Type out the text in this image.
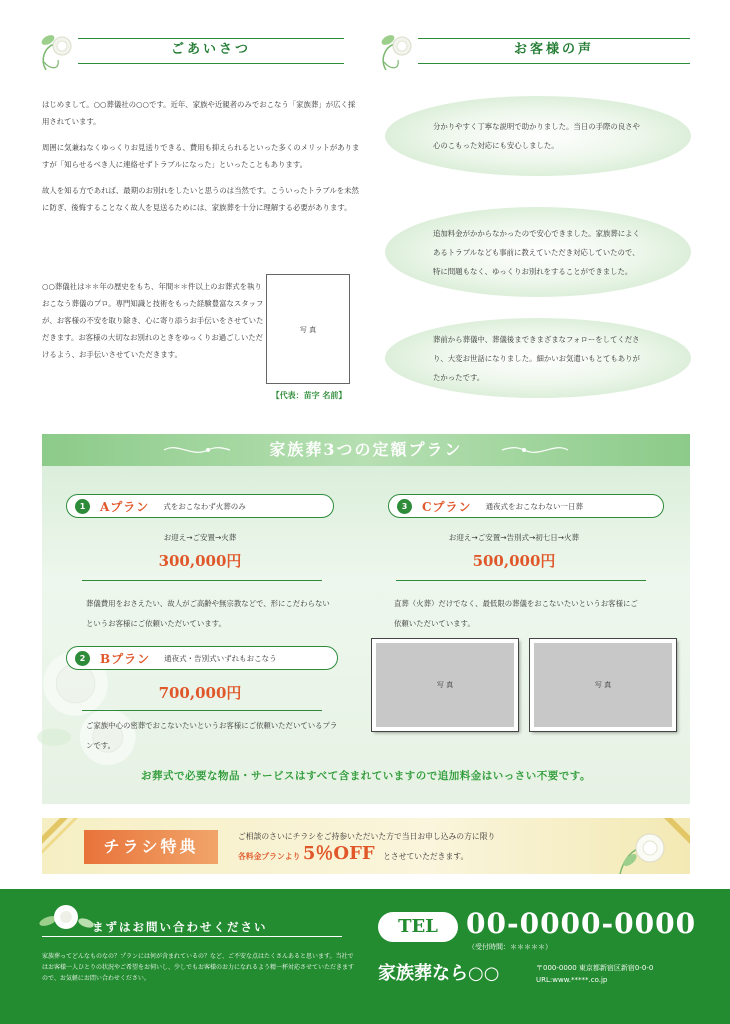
ごあいさつ

はじめまして。○○葬儀社の○○です。近年、家族や近親者のみでおこなう「家族葬」が広く採用されています。

周囲に気兼ねなくゆっくりお見送りできる、費用も抑えられるといった多くのメリットがありますが「知らせるべき人に連絡せずトラブルになった」といったこともあります。

故人を知る方であれば、最期のお別れをしたいと思うのは当然です。こういったトラブルを未然に防ぎ、後悔することなく故人を見送るためには、家族葬を十分に理解する必要があります。

○○葬儀社は＊＊年の歴史をもち、年間＊＊件以上のお葬式を執りおこなう葬儀のプロ。専門知識と技術をもった経験豊富なスタッフが、お客様の不安を取り除き、心に寄り添うお手伝いをさせていただきます。お客様の大切なお別れのときをゆっくりお過ごしいただけるよう、お手伝いさせていただきます。
写 真
【代表：苗字 名前】
お客様の声
分かりやすく丁寧な説明で助かりました。当日の手際の良さや心のこもった対応にも安心しました。
追加料金がかからなかったので安心できました。家族葬によくあるトラブルなども事前に教えていただき対応していたので、特に問題もなく、ゆっくりお別れをすることができました。
葬前から葬儀中、葬儀後まできまざまなフォローをしてくださり、大変お世話になりました。細かいお気遣いもとてもありがたかったです。
家族葬3つの定額プラン
1	Aプラン 式をおこなわず火葬のみ
お迎え→ご安置→火葬
300,000円
葬儀費用をおさえたい、故人がご高齢や無宗教などで、形にこだわらないというお客様にご依頼いただいています。
2	Bプラン 通夜式・告別式いずれもおこなう
700,000円
ご家族中心の密葬でおこないたいというお客様にご依頼いただいているプランです。
3	Cプラン 通夜式をおこなわない一日葬
お迎え→ご安置→告別式→初七日→火葬
500,000円
直葬（火葬）だけでなく、最低限の葬儀をおこないたいというお客様にご依頼いただいています。
写 真	写 真
お葬式で必要な物品・サービスはすべて含まれていますので追加料金はいっさい不要です。
チラシ特典
ご相談のさいにチラシをご持参いただいた方で当日お申し込みの方に限り
各料金プランより 5％OFF とさせていただきます。
まずはお問い合わせください
家族葬ってどんなものなの？プランには何が含まれているの？など、ご不安な点はたくさんあると思います。当社ではお客様一人ひとりの状況やご希望をお伺いし、少しでもお客様のお力になれるよう精一杯対応させていただきますので、お気軽にお問い合わせください。
TEL	00-0000-0000
（受付時間：＊＊＊＊＊）
家族葬なら○○	〒000-0000 東京都新宿区新宿0-0-0
URL:www.*****.co.jp
